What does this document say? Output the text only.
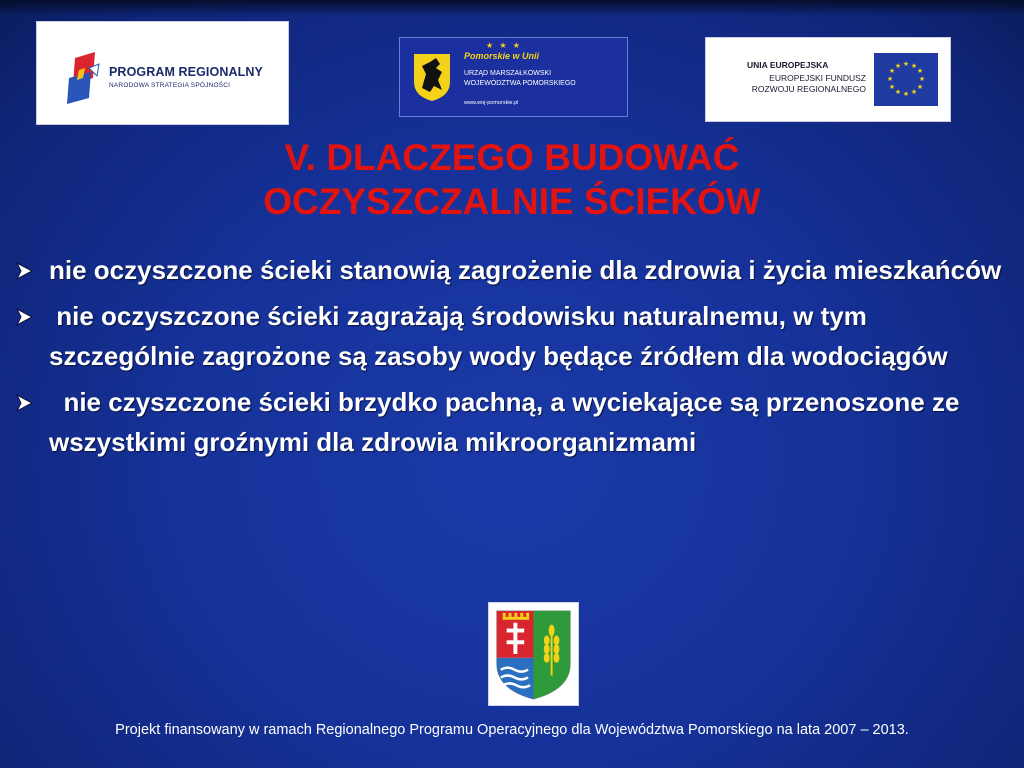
PROGRAM REGIONALNY
NARODOWA STRATEGIA SPÓJNOŚCI
★ ★ ★
Pomorskie w Unii
URZĄD MARSZAŁKOWSKI
WOJEWÓDZTWA POMORSKIEGO
www.woj-pomorskie.pl
UNIA EUROPEJSKA
EUROPEJSKI FUNDUSZ
ROZWOJU REGIONALNEGO
★ ★
★
★
★
★
★
★
★
★
★
★
V. DLACZEGO BUDOWAĆ
OCZYSZCZALNIE ŚCIEKÓW
nie oczyszczone ścieki stanowią zagrożenie dla zdrowia i życia mieszkańców
nie oczyszczone ścieki zagrażają środowisku naturalnemu, w tym szczególnie zagrożone są zasoby wody będące źródłem dla wodociągów
nie czyszczone ścieki brzydko pachną, a wyciekające są przenoszone ze wszystkimi groźnymi dla zdrowia mikroorganizmami
Projekt finansowany w ramach Regionalnego Programu Operacyjnego dla Województwa Pomorskiego na lata 2007 – 2013.
